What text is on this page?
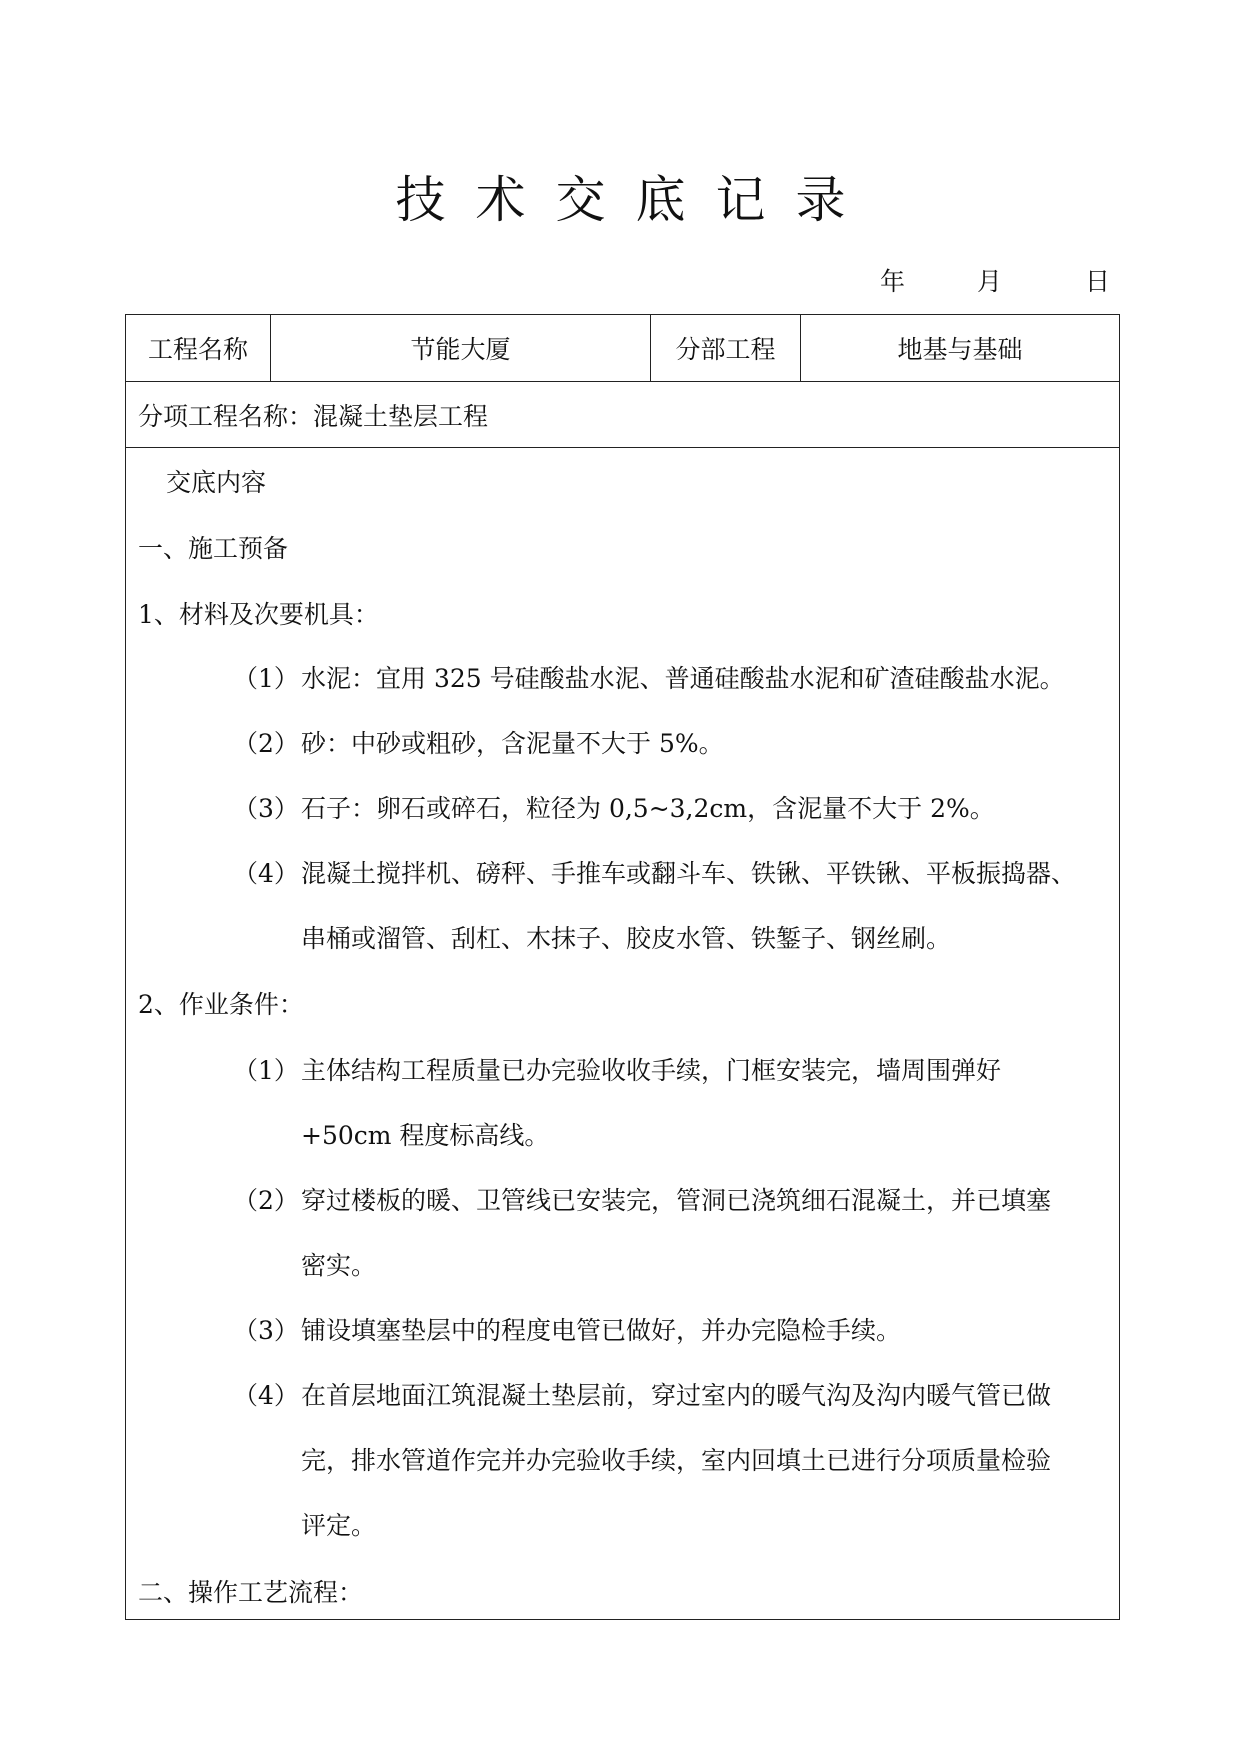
技术交底记录
年	月	日
工程名称	节能大厦	分部工程	地基与基础
分项工程名称：混凝土垫层工程
交底内容
一、施工预备
1、材料及次要机具：
（1） 水泥：宜用 325 号硅酸盐水泥、普通硅酸盐水泥和矿渣硅酸盐水泥。
（2） 砂：中砂或粗砂，含泥量不大于 5%。
（3） 石子：卵石或碎石，粒径为 0,5~3,2cm，含泥量不大于 2%。
（4） 混凝土搅拌机、磅秤、手推车或翻斗车、铁锹、平铁锹、平板振捣器、
串桶或溜管、刮杠、木抹子、胶皮水管、铁錾子、钢丝刷。
2、作业条件：
（1） 主体结构工程质量已办完验收收手续，门框安装完，墙周围弹好
+50cm 程度标高线。
（2） 穿过楼板的暖、卫管线已安装完，管洞已浇筑细石混凝土，并已填塞
密实。
（3） 铺设填塞垫层中的程度电管已做好，并办完隐检手续。
（4） 在首层地面江筑混凝土垫层前，穿过室内的暖气沟及沟内暖气管已做
完，排水管道作完并办完验收手续，室内回填土已进行分项质量检验
评定。
二、操作工艺流程：
